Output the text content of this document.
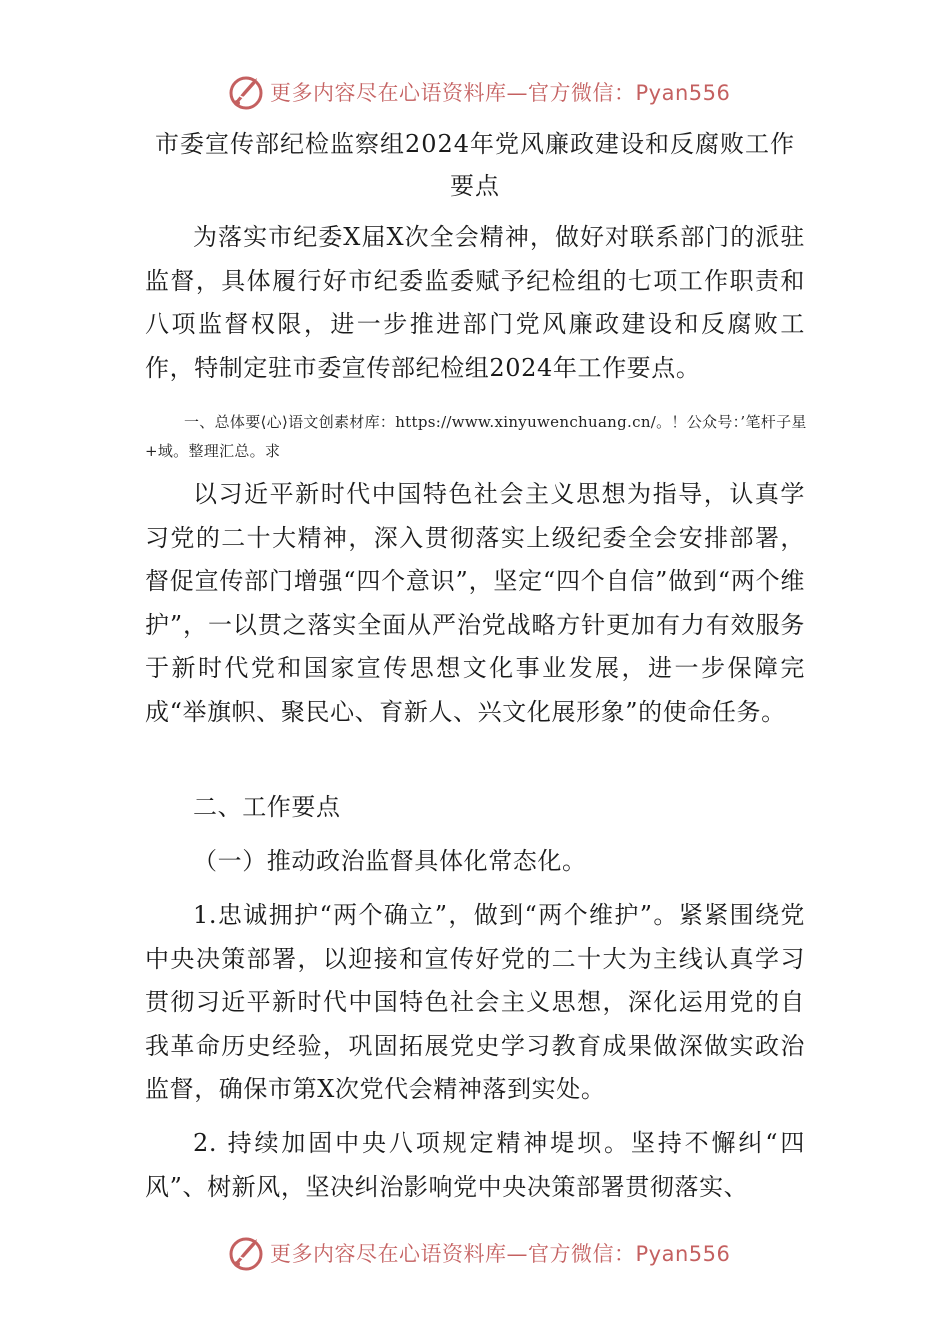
更多内容尽在心语资料库—官方微信：Pyan556
市委宣传部纪检监察组2024年党风廉政建设和反腐败工作
要点

为落实市纪委X届X次全会精神，做好对联系部门的派驻监督，具体履行好市纪委监委赋予纪检组的七项工作职责和八项监督权限，进一步推进部门党风廉政建设和反腐败工作，特制定驻市委宣传部纪检组2024年工作要点。

一、总体要⟨心⟩语文创素材库：https://www.xinyuwenchuang.cn/。！公众号：’笔杆子星+域。整理汇总。求

以习近平新时代中国特色社会主义思想为指导，认真学习党的二十大精神，深入贯彻落实上级纪委全会安排部署，督促宣传部门增强“四个意识”，坚定“四个自信”做到“两个维护”，一以贯之落实全面从严治党战略方针更加有力有效服务于新时代党和国家宣传思想文化事业发展，进一步保障完成“举旗帜、聚民心、育新人、兴文化展形象”的使命任务。

二、工作要点

（一）推动政治监督具体化常态化。

1.忠诚拥护“两个确立”，做到“两个维护”。紧紧围绕党中央决策部署，以迎接和宣传好党的二十大为主线认真学习贯彻习近平新时代中国特色社会主义思想，深化运用党的自我革命历史经验，巩固拓展党史学习教育成果做深做实政治监督，确保市第X次党代会精神落到实处。

2. 持续加固中央八项规定精神堤坝。坚持不懈纠“四风”、树新风，坚决纠治影响党中央决策部署贯彻落实、

更多内容尽在心语资料库—官方微信：Pyan556
